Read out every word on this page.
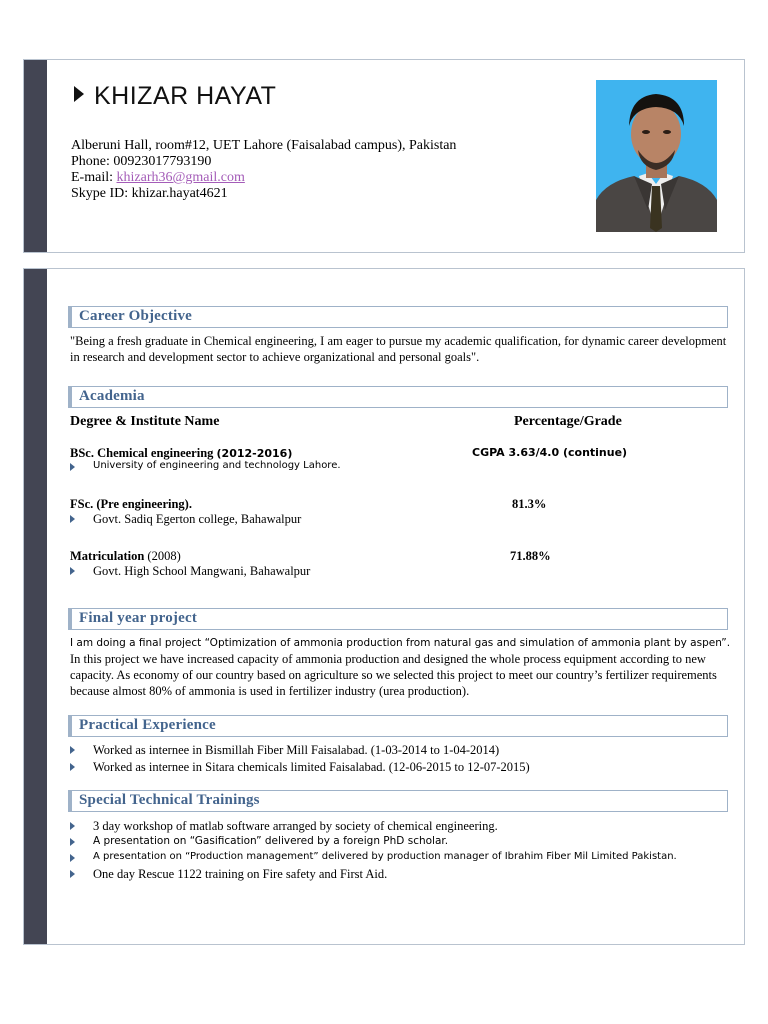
KHIZAR HAYAT
Alberuni Hall, room#12, UET Lahore (Faisalabad campus), Pakistan
Phone: 00923017793190
E-mail: khizarh36@gmail.com
Skype ID: khizar.hayat4621
Career Objective
"Being a fresh graduate in Chemical engineering, I am eager to pursue my academic qualification, for dynamic career development in research and development sector to achieve organizational and personal goals".
Academia
Degree & Institute Name	Percentage/Grade
BSc. Chemical engineering (2012-2016)	CGPA 3.63/4.0 (continue)
University of engineering and technology Lahore.
FSc. (Pre engineering).	81.3%
Govt. Sadiq Egerton college, Bahawalpur
Matriculation (2008)	71.88%
Govt. High School Mangwani, Bahawalpur
Final year project
I am doing a final project “Optimization of ammonia production from natural gas and simulation of ammonia plant by aspen”.
In this project we have increased capacity of ammonia production and designed the whole process equipment according to new capacity. As economy of our country based on agriculture so we selected this project to meet our country’s fertilizer requirements because almost 80% of ammonia is used in fertilizer industry (urea production).
Practical Experience
Worked as internee in Bismillah Fiber Mill Faisalabad. (1-03-2014 to 1-04-2014)
Worked as internee in Sitara chemicals limited Faisalabad. (12-06-2015 to 12-07-2015)
Special Technical Trainings
3 day workshop of matlab software arranged by society of chemical engineering.
A presentation on “Gasification” delivered by a foreign PhD scholar.
A presentation on “Production management” delivered by production manager of Ibrahim Fiber Mil Limited Pakistan.
One day Rescue 1122 training on Fire safety and First Aid.
